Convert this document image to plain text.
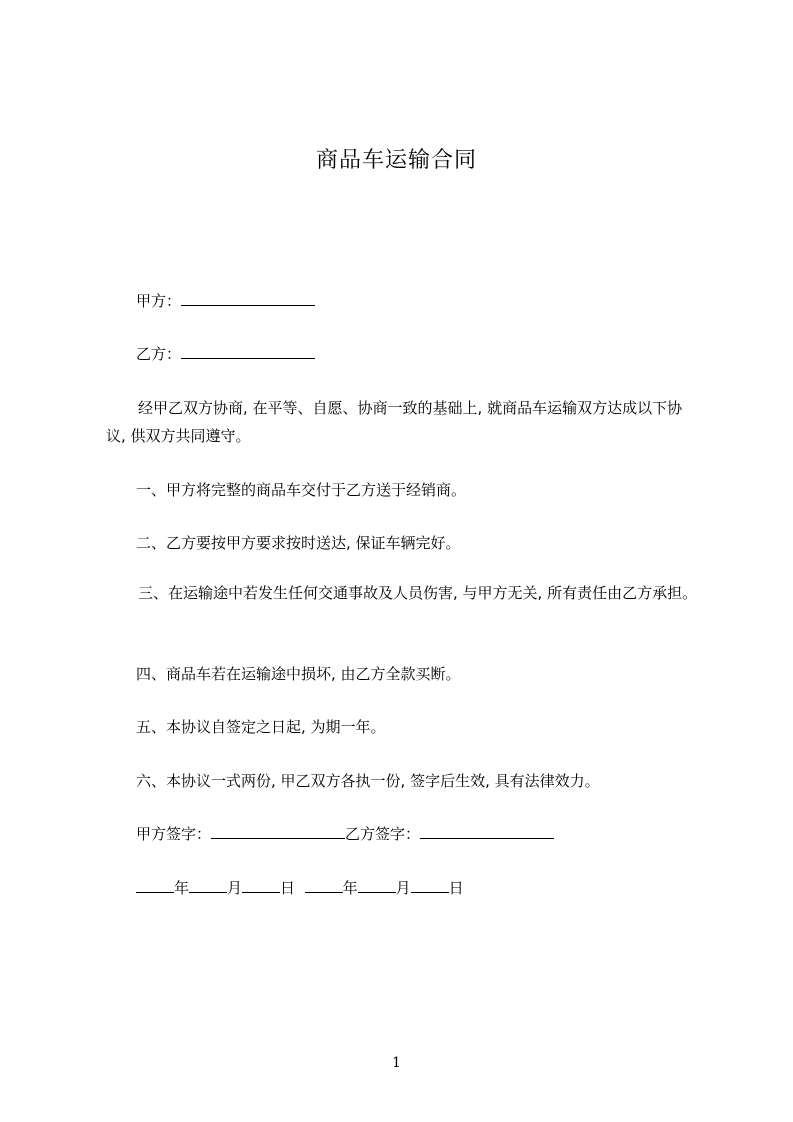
商品车运输合同
甲方：
乙方：
经甲乙双方协商, 在平等、自愿、协商一致的基础上, 就商品车运输双方达成以下协议, 供双方共同遵守。
一、甲方将完整的商品车交付于乙方送于经销商。
二、乙方要按甲方要求按时送达, 保证车辆完好。
三、在运输途中若发生任何交通事故及人员伤害, 与甲方无关, 所有责任由乙方承担。
四、商品车若在运输途中损坏, 由乙方全款买断。
五、本协议自签定之日起, 为期一年。
六、本协议一式两份, 甲乙双方各执一份, 签字后生效, 具有法律效力。
甲方签字：	乙方签字：
年	月	日	年	月	日
1
